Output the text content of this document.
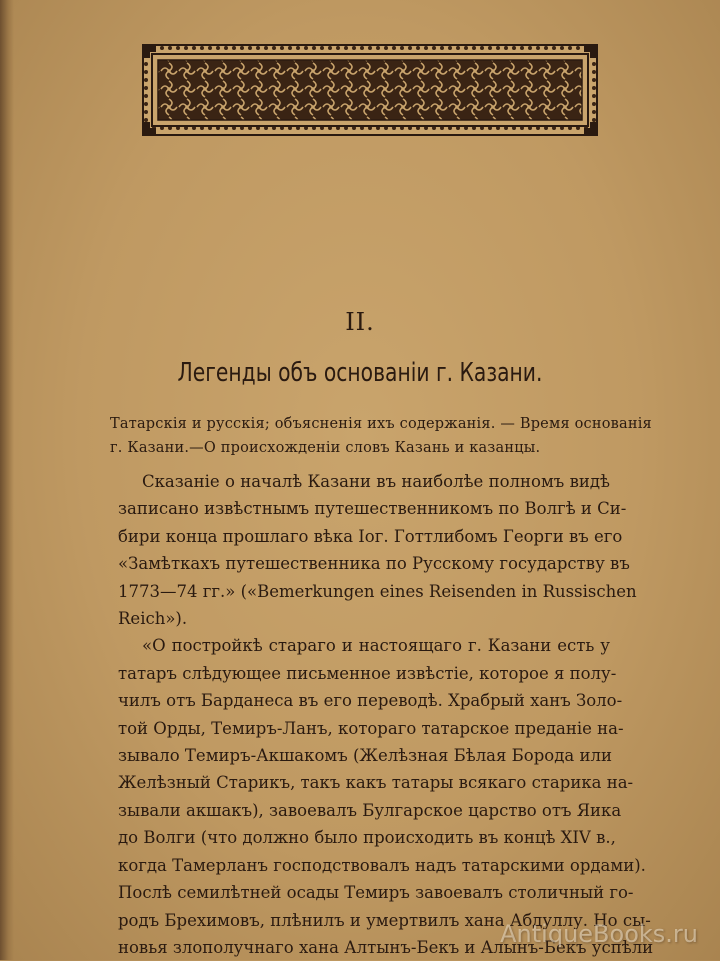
II.
Легенды объ основаніи г. Казани.
Татарскія и русскія; объясненія ихъ содержанія. — Время основанія
г. Казани.—О происхожденіи словъ Казань и казанцы.
Сказаніе о началѣ Казани въ наиболѣе полномъ видѣ
записано извѣстнымъ путешественникомъ по Волгѣ и Си-
бири конца прошлаго вѣка Іог. Готтлибомъ Георги въ его
«Замѣткахъ путешественника по Русскому государству въ
1773—74 гг.» («Bemerkungen eines Reisenden in Russischen
Reich»).
«О постройкѣ стараго и настоящаго г. Казани есть у
татаръ слѣдующее письменное извѣстіе, которое я полу-
чилъ отъ Барданеса въ его переводѣ. Храбрый ханъ Золо-
той Орды, Темиръ-Ланъ, котораго татарское преданіе на-
зывало Темиръ-Акшакомъ (Желѣзная Бѣлая Борода или
Желѣзный Старикъ, такъ какъ татары всякаго старика на-
зывали акшакъ), завоевалъ Булгарское царство отъ Яика
до Волги (что должно было происходить въ концѣ XIV в.,
когда Тамерланъ господствовалъ надъ татарскими ордами).
Послѣ семилѣтней осады Темиръ завоевалъ столичный го-
родъ Брехимовъ, плѣнилъ и умертвилъ хана Абдуллу. Но сы-
новья злополучнаго хана Алтынъ-Бекъ и Алынъ-Бекъ успѣли
AntiqueBooks.ru
